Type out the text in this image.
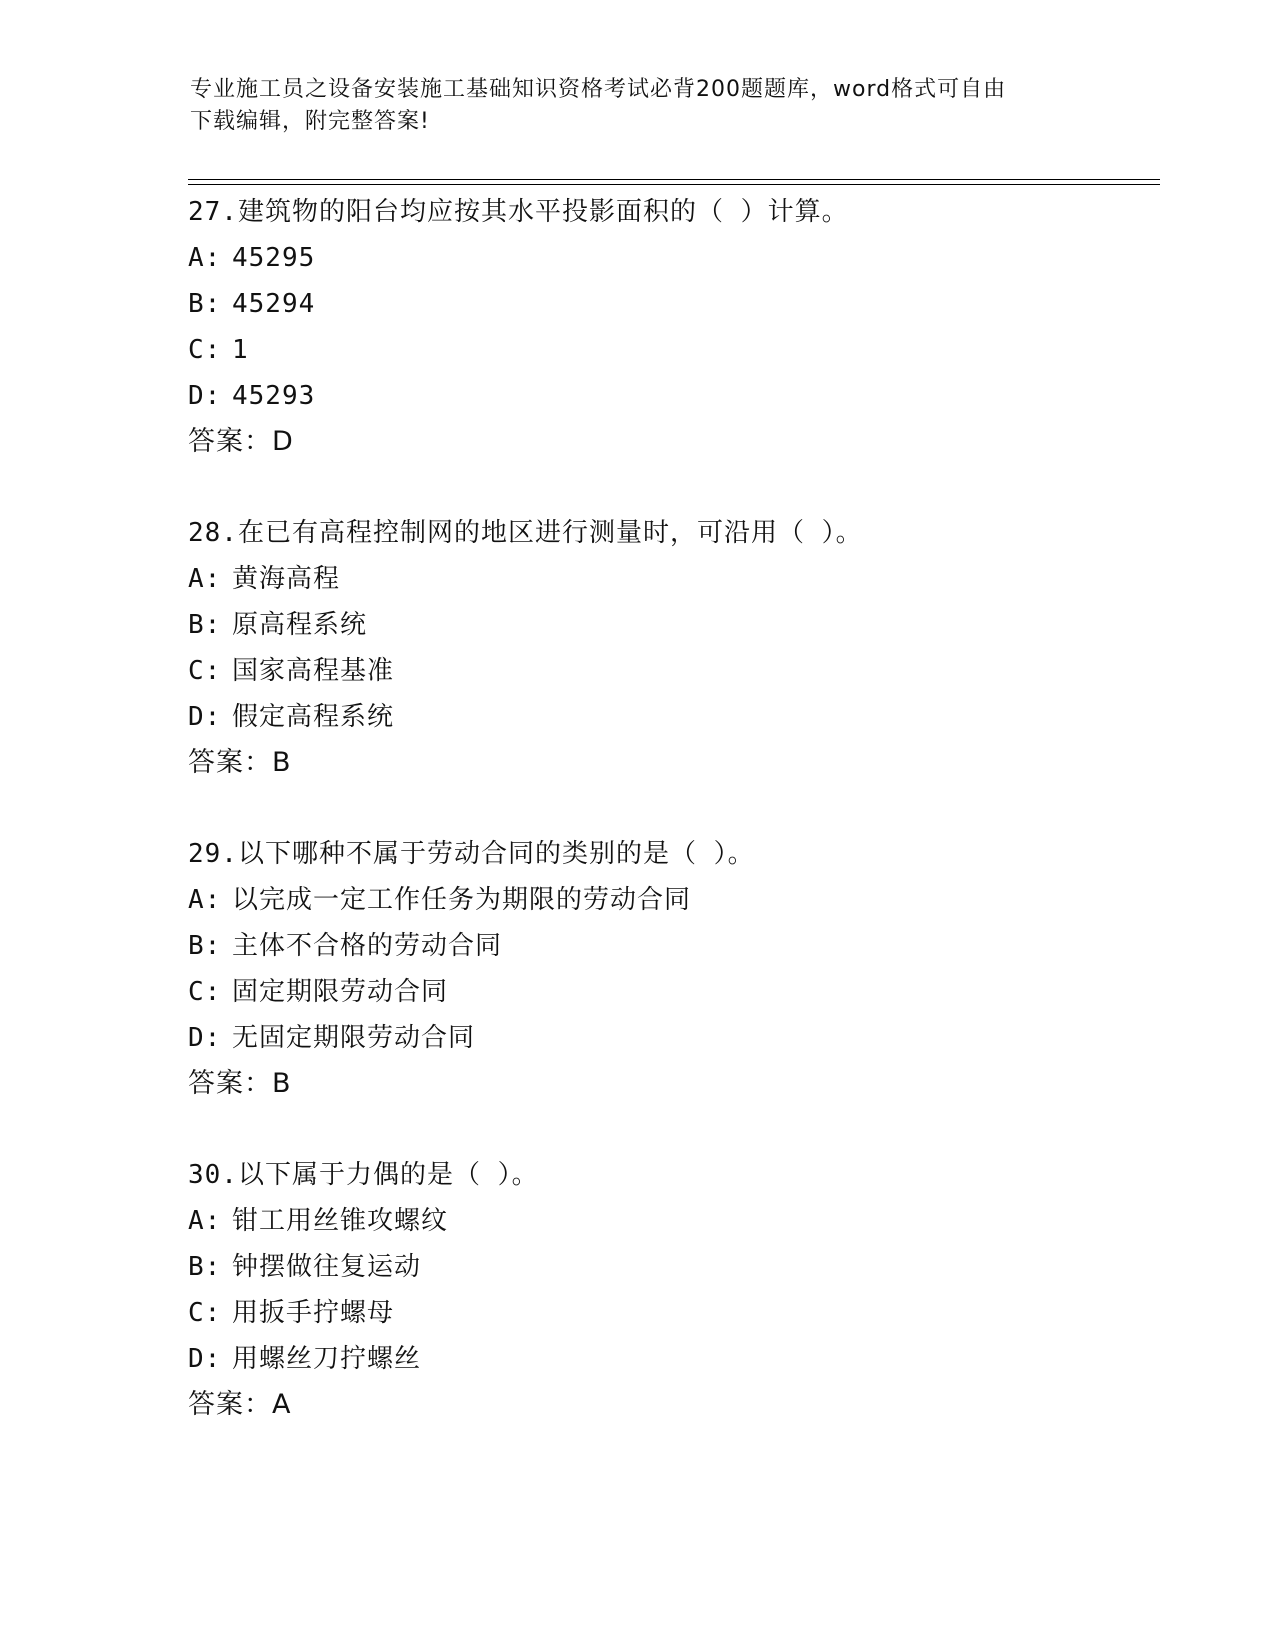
专业施工员之设备安装施工基础知识资格考试必背200题题库，word格式可自由
下载编辑，附完整答案!
27.建筑物的阳台均应按其水平投影面积的（ ）计算。
A: 45295
B: 45294
C: 1
D: 45293
答案：D
28.在已有高程控制网的地区进行测量时，可沿用（ ）。
A: 黄海高程
B: 原高程系统
C: 国家高程基准
D: 假定高程系统
答案：B
29.以下哪种不属于劳动合同的类别的是（ ）。
A: 以完成一定工作任务为期限的劳动合同
B: 主体不合格的劳动合同
C: 固定期限劳动合同
D: 无固定期限劳动合同
答案：B
30.以下属于力偶的是（ ）。
A: 钳工用丝锥攻螺纹
B: 钟摆做往复运动
C: 用扳手拧螺母
D: 用螺丝刀拧螺丝
答案：A
